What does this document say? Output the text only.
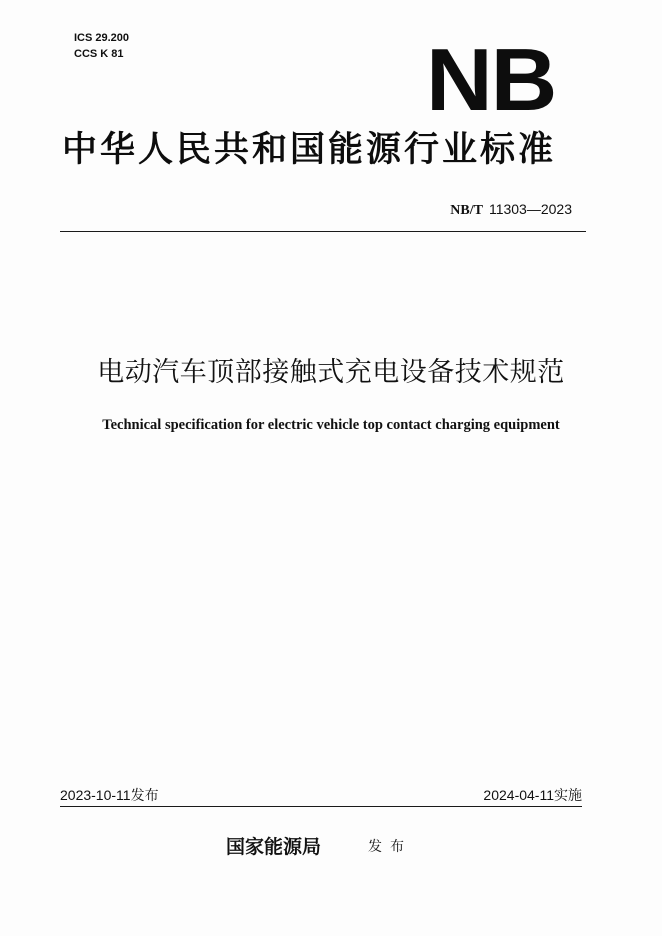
ICS 29.200
CCS K 81	NB
中华人民共和国能源行业标准
NB/T 11303—2023
电动汽车顶部接触式充电设备技术规范
Technical specification for electric vehicle top contact charging equipment
2023-10-11发布	2024-04-11实施
国家能源局	发布
